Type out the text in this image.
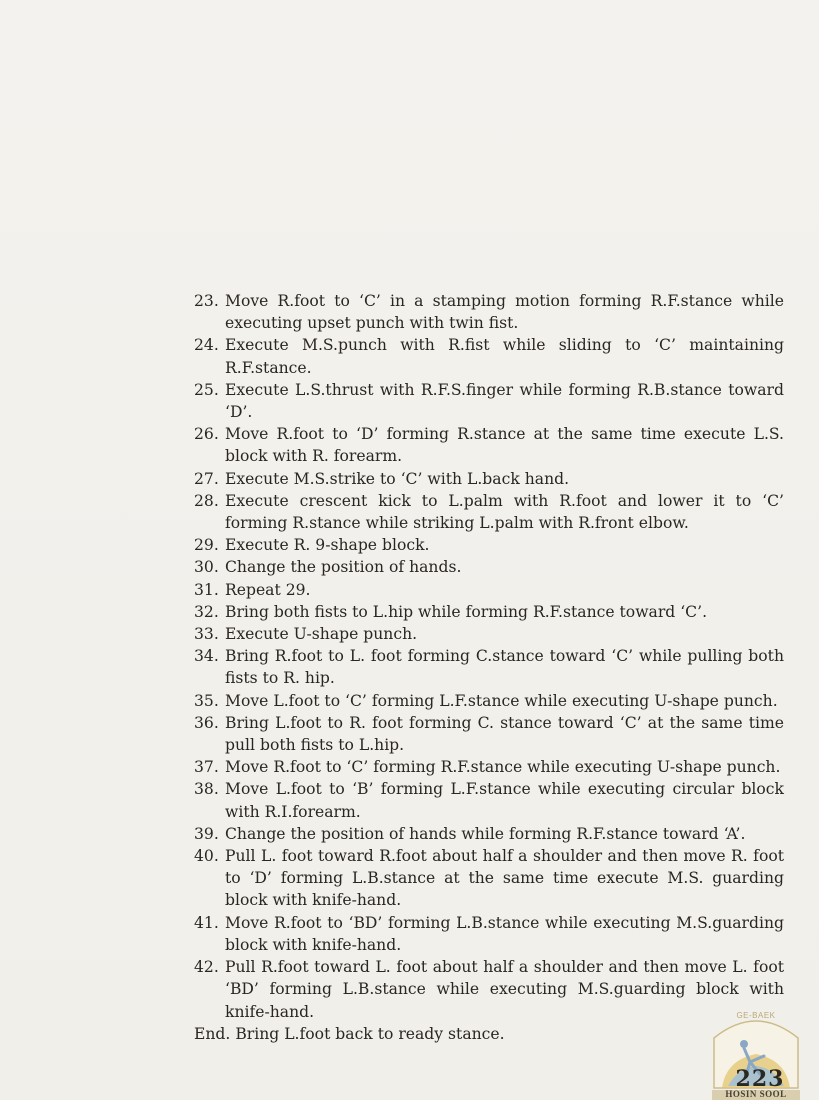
23. Move R.foot to ‘C’ in a stamping motion forming R.F.stance while executing upset punch with twin fist.
24. Execute M.S.punch with R.fist while sliding to ‘C’ maintaining R.F.stance.
25. Execute L.S.thrust with R.F.S.finger while forming R.B.stance toward ‘D’.
26. Move R.foot to ‘D’ forming R.stance at the same time execute L.S. block with R. forearm.
27. Execute M.S.strike to ‘C’ with L.back hand.
28. Execute crescent kick to L.palm with R.foot and lower it to ‘C’ forming R.stance while striking L.palm with R.front elbow.
29. Execute R. 9-shape block.
30. Change the position of hands.
31. Repeat 29.
32. Bring both fists to L.hip while forming R.F.stance toward ‘C’.
33. Execute U-shape punch.
34. Bring R.foot to L. foot forming C.stance toward ‘C’ while pulling both fists to R. hip.
35. Move L.foot to ‘C’ forming L.F.stance while executing U-shape punch.
36. Bring L.foot to R. foot forming C. stance toward ‘C’ at the same time pull both fists to L.hip.
37. Move R.foot to ‘C’ forming R.F.stance while executing U-shape punch.
38. Move L.foot to ‘B’ forming L.F.stance while executing circular block with R.I.forearm.
39. Change the position of hands while forming R.F.stance toward ‘A’.
40. Pull L. foot toward R.foot about half a shoulder and then move R. foot to ‘D’ forming L.B.stance at the same time execute M.S. guarding block with knife-hand.
41. Move R.foot to ‘BD’ forming L.B.stance while executing M.S.guarding block with knife-hand.
42. Pull R.foot toward L. foot about half a shoulder and then move L. foot ‘BD’ forming L.B.stance while executing M.S.guarding block with knife-hand.
End. Bring L.foot back to ready stance.
GE-BAEK
HOSIN SOOL
223
